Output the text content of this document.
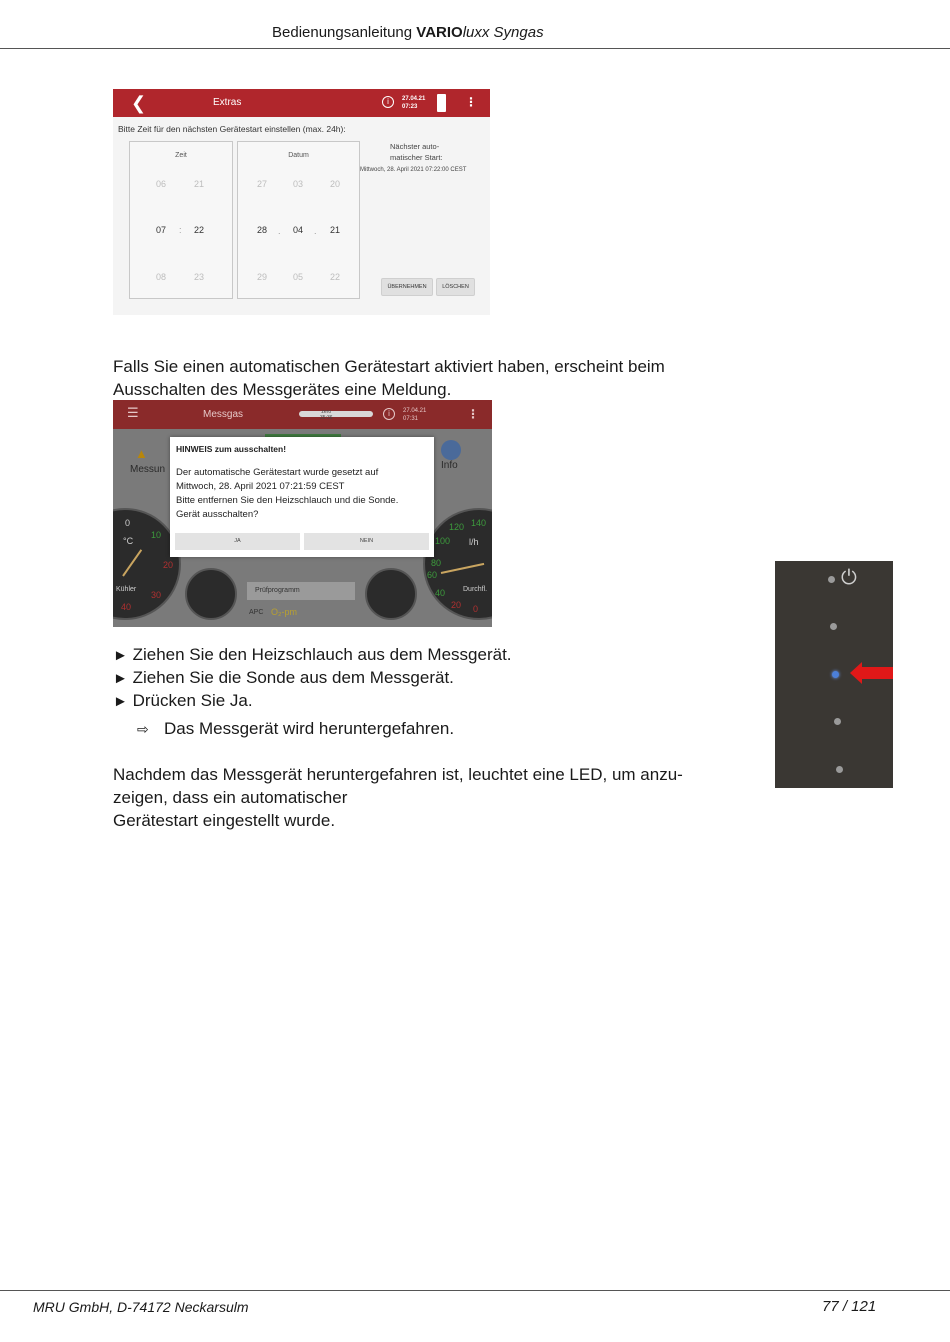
Bedienungsanleitung VARIOluxx Syngas
❮	Extras	i	27.04.21
07:23	⋮
Bitte Zeit für den nächsten Gerätestart einstellen (max. 24h):
Zeit
06	21
07 : 22
08	23
Datum
27	03	20
28 . 04 . 21
29	05	22
Nächster auto-
matischer Start:
Mittwoch, 28. April 2021 07:22:00 CEST
ÜBERNEHMEN	LÖSCHEN
Falls Sie einen automatischen Gerätestart aktiviert haben, erscheint beim
Ausschalten des Messgerätes eine Meldung.
☰	Messgas	zero
35:36	i	27.04.21
07:31	⋮
Messun
▲
Info
0
10
20
30
40
°C
Kühler
120 140
100
80
60
40
20 0
l/h
Durchfl.
Prüfprogramm
APC O₂-pm
HINWEIS zum ausschalten!
Der automatische Gerätestart wurde gesetzt auf
Mittwoch, 28. April 2021 07:21:59 CEST
Bitte entfernen Sie den Heizschlauch und die Sonde.
Gerät ausschalten?
JA	NEIN
► Ziehen Sie den Heizschlauch aus dem Messgerät.
► Ziehen Sie die Sonde aus dem Messgerät.
► Drücken Sie Ja.
⇨ Das Messgerät wird heruntergefahren.
Nachdem das Messgerät heruntergefahren ist, leuchtet eine LED, um anzu-
zeigen, dass ein automatischer
Gerätestart eingestellt wurde.
⏻
MRU GmbH, D-74172 Neckarsulm	77 / 121
